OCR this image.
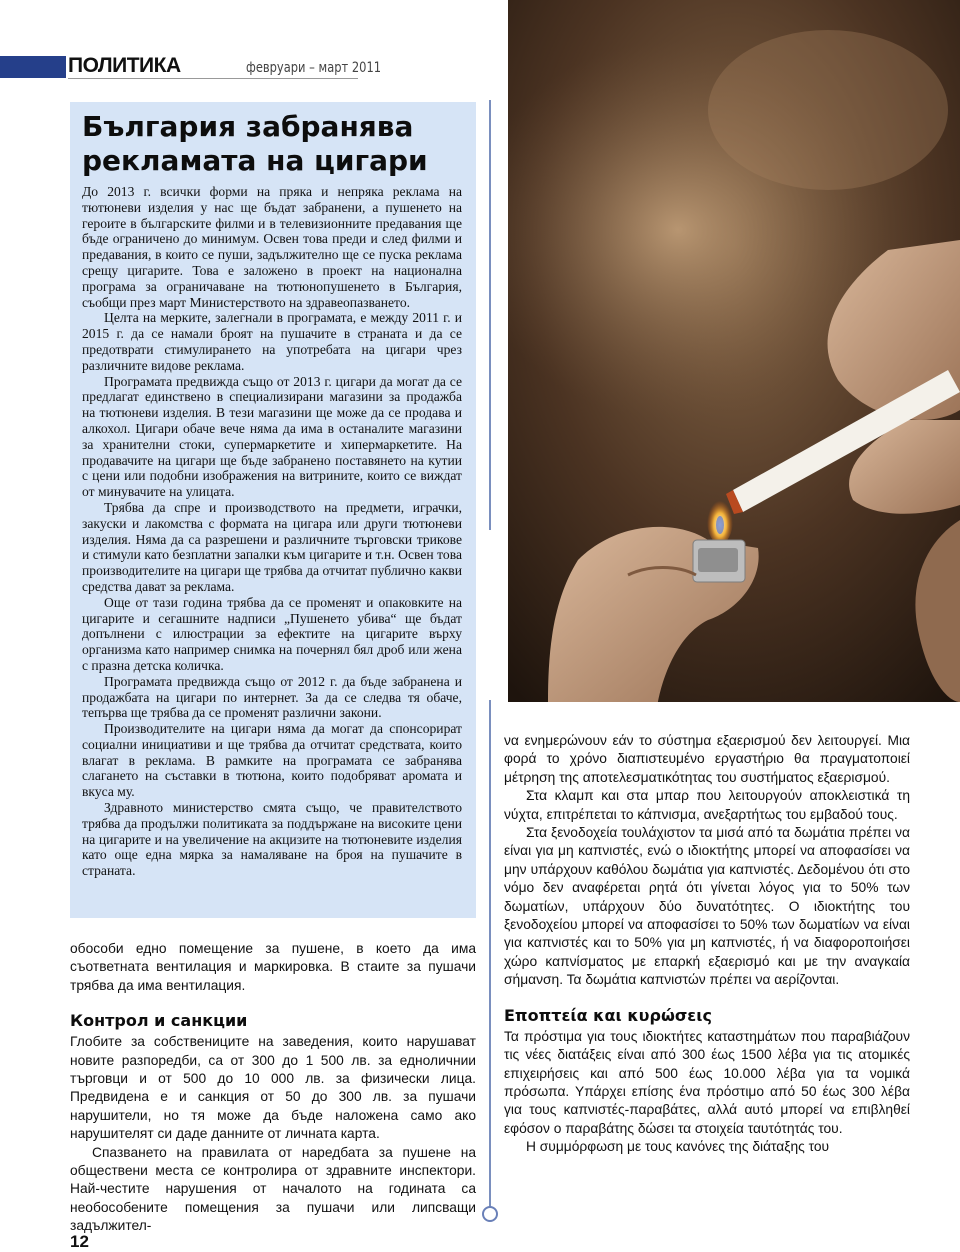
ПОЛИТИКА	февруари – март 2011
България забранява рекламата на цигари

До 2013 г. всички форми на пряка и непряка реклама на тютюневи изделия у нас ще бъдат забранени, а пушенето на героите в българските филми и в телевизионните предавания ще бъде ограничено до минимум. Освен това преди и след филми и предавания, в които се пуши, задължително ще се пуска реклама срещу цигарите. Това е заложено в проект на национална програма за ограничаване на тютюнопушенето в България, съобщи през март Министерството на здравеопазването.

Целта на мерките, залегнали в програмата, е между 2011 г. и 2015 г. да се намали броят на пушачите в страната и да се предотврати стимулирането на употребата на цигари чрез различните видове реклама.

Програмата предвижда също от 2013 г. цигари да могат да се предлагат единствено в специализирани магазини за продажба на тютюневи изделия. В тези магазини ще може да се продава и алкохол. Цигари обаче вече няма да има в останалите магазини за хранителни стоки, супермаркетите и хипермаркетите. На продавачите на цигари ще бъде забранено поставянето на кутии с цени или подобни изображения на витрините, които се виждат от минувачите на улицата.

Трябва да спре и производството на предмети, играчки, закуски и лакомства с формата на цигара или други тютюневи изделия. Няма да са разрешени и различните търговски трикове и стимули като безплатни запалки към цигарите и т.н. Освен това производителите на цигари ще трябва да отчитат публично какви средства дават за реклама.

Още от тази година трябва да се променят и опаковките на цигарите и сегашните надписи „Пушенето убива“ ще бъдат допълнени с илюстрации за ефектите на цигарите върху организма като например снимка на почернял бял дроб или жена с празна детска количка.

Програмата предвижда също от 2012 г. да бъде забранена и продажбата на цигари по интернет. За да се следва тя обаче, тепърва ще трябва да се променят различни закони.

Производителите на цигари няма да могат да спонсорират социални инициативи и ще трябва да отчитат средствата, които влагат в реклама. В рамките на програмата се забранява слагането на съставки в тютюна, които подобряват аромата и вкуса му.

Здравното министерство смята също, че правителството трябва да продължи политиката за поддържане на високите цени на цигарите и на увеличение на акцизите на тютюневите изделия като още една мярка за намаляване на броя на пушачите в страната.

обособи едно помещение за пушене, в което да има съответната вентилация и маркировка. В стаите за пушачи трябва да има вентилация.

Контрол и санкции

Глобите за собствениците на заведения, които нарушават новите разпоредби, са от 300 до 1 500 лв. за едноличнии търговци и от 500 до 10 000 лв. за физически лица. Предвидена е и санкция от 50 до 300 лв. за пушачи нарушители, но тя може да бъде наложена само ако нарушителят си даде данните от личната карта.

Спазването на правилата от наредбата за пушене на обществени места се контролира от здравните инспектори. Най-честите нарушения от началото на годината са необособените помещения за пушачи или липсващи задължител-

να ενημερώνουν εάν το σύστημα εξαερισμού δεν λειτουργεί. Μια φορά το χρόνο διαπιστευμένο εργαστήριο θα πραγματοποιεί μέτρηση της αποτελεσματικότητας του συστήματος εξαερισμού.

Στα κλαμπ και στα μπαρ που λειτουργούν αποκλειστικά τη νύχτα, επιτρέπεται το κάπνισμα, ανεξαρτήτως του εμβαδού τους.

Στα ξενοδοχεία τουλάχιστον τα μισά από τα δωμάτια πρέπει να είναι για μη καπνιστές, ενώ ο ιδιοκτήτης μπορεί να αποφασίσει να μην υπάρχουν καθόλου δωμάτια για καπνιστές. Δεδομένου ότι στο νόμο δεν αναφέρεται ρητά ότι γίνεται λόγος για το 50% των δωματίων, υπάρχουν δύο δυνατότητες. Ο ιδιοκτήτης του ξενοδοχείου μπορεί να αποφασίσει το 50% των δωματίων να είναι για καπνιστές και το 50% για μη καπνιστές, ή να διαφοροποιήσει χώρο καπνίσματος με επαρκή εξαερισμό και με την αναγκαία σήμανση. Τα δωμάτια καπνιστών πρέπει να αερίζονται.

Εποπτεία και κυρώσεις

Τα πρόστιμα για τους ιδιοκτήτες καταστημάτων που παραβιάζουν τις νέες διατάξεις είναι από 300 έως 1500 λέβα για τις ατομικές επιχειρήσεις και από 500 έως 10.000 λέβα για τα νομικά πρόσωπα. Υπάρχει επίσης ένα πρόστιμο από 50 έως 300 λέβα για τους καπνιστές-παραβάτες, αλλά αυτό μπορεί να επιβληθεί εφόσον ο παραβάτης δώσει τα στοιχεία ταυτότητάς του.

Η συμμόρφωση με τους κανόνες της διάταξης του

12
